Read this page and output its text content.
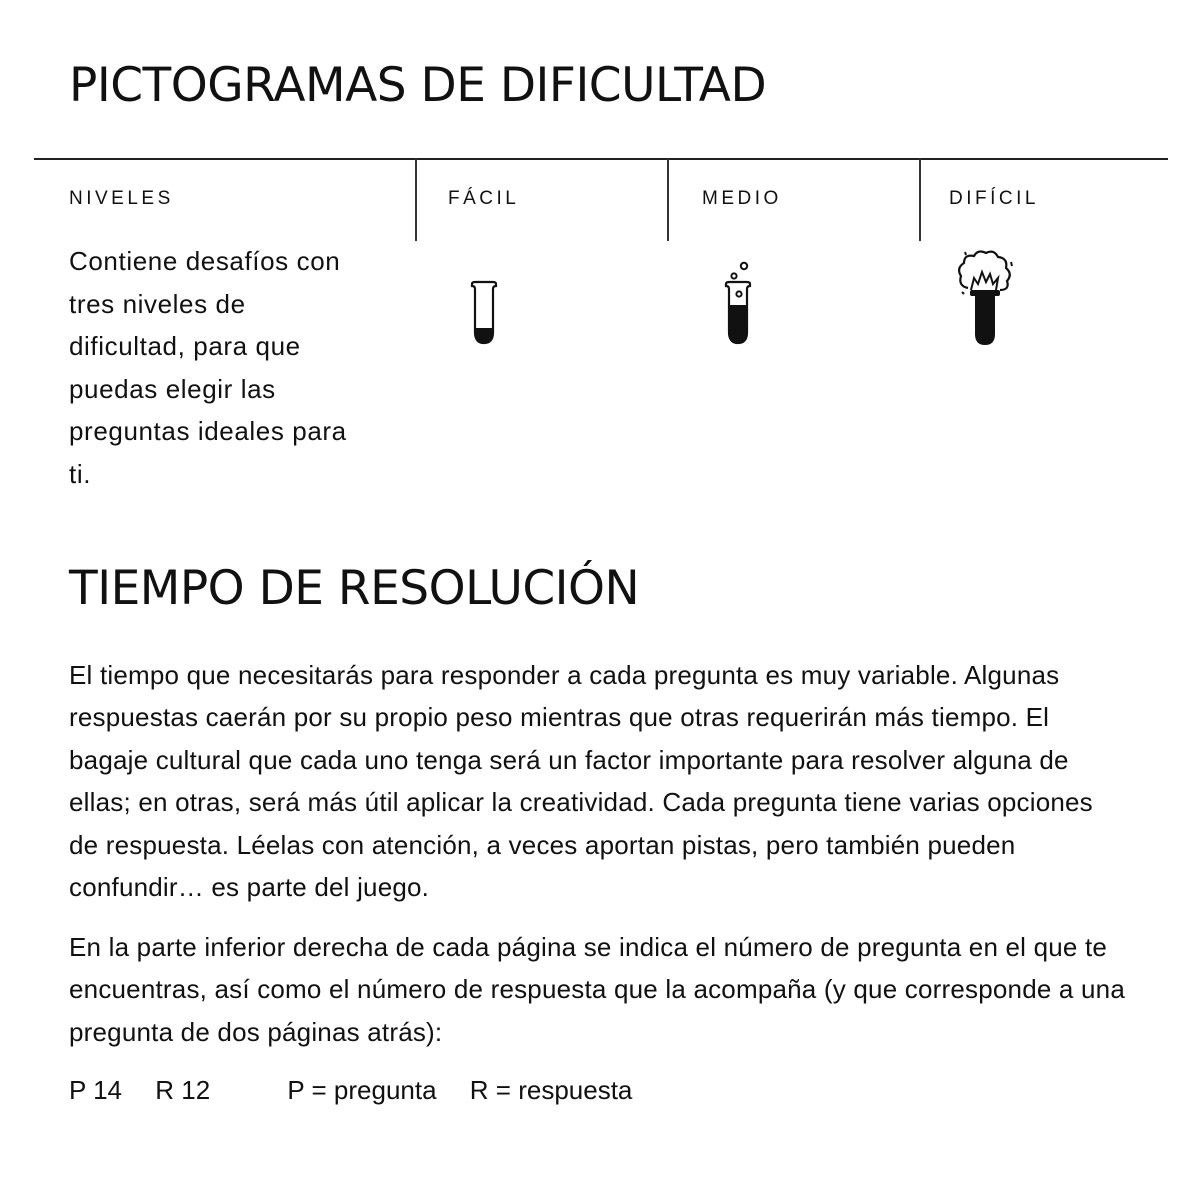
PICTOGRAMAS DE DIFICULTAD
NIVELES	FÁCIL	MEDIO	DIFÍCIL

Contiene desafíos con tres niveles de dificultad, para que puedas elegir las preguntas ideales para ti.

TIEMPO DE RESOLUCIÓN

El tiempo que necesitarás para responder a cada pregunta es muy variable. Algunas respuestas caerán por su propio peso mientras que otras requerirán más tiempo. El bagaje cultural que cada uno tenga será un factor importante para resolver alguna de ellas; en otras, será más útil aplicar la creatividad. Cada pregunta tiene varias opciones de respuesta. Léelas con atención, a veces aportan pistas, pero también pueden confundir… es parte del juego.

En la parte inferior derecha de cada página se indica el número de pregunta en el que te encuentras, así como el número de respuesta que la acompaña (y que corresponde a una pregunta de dos páginas atrás):

P 14 R 12	P = pregunta R = respuesta
